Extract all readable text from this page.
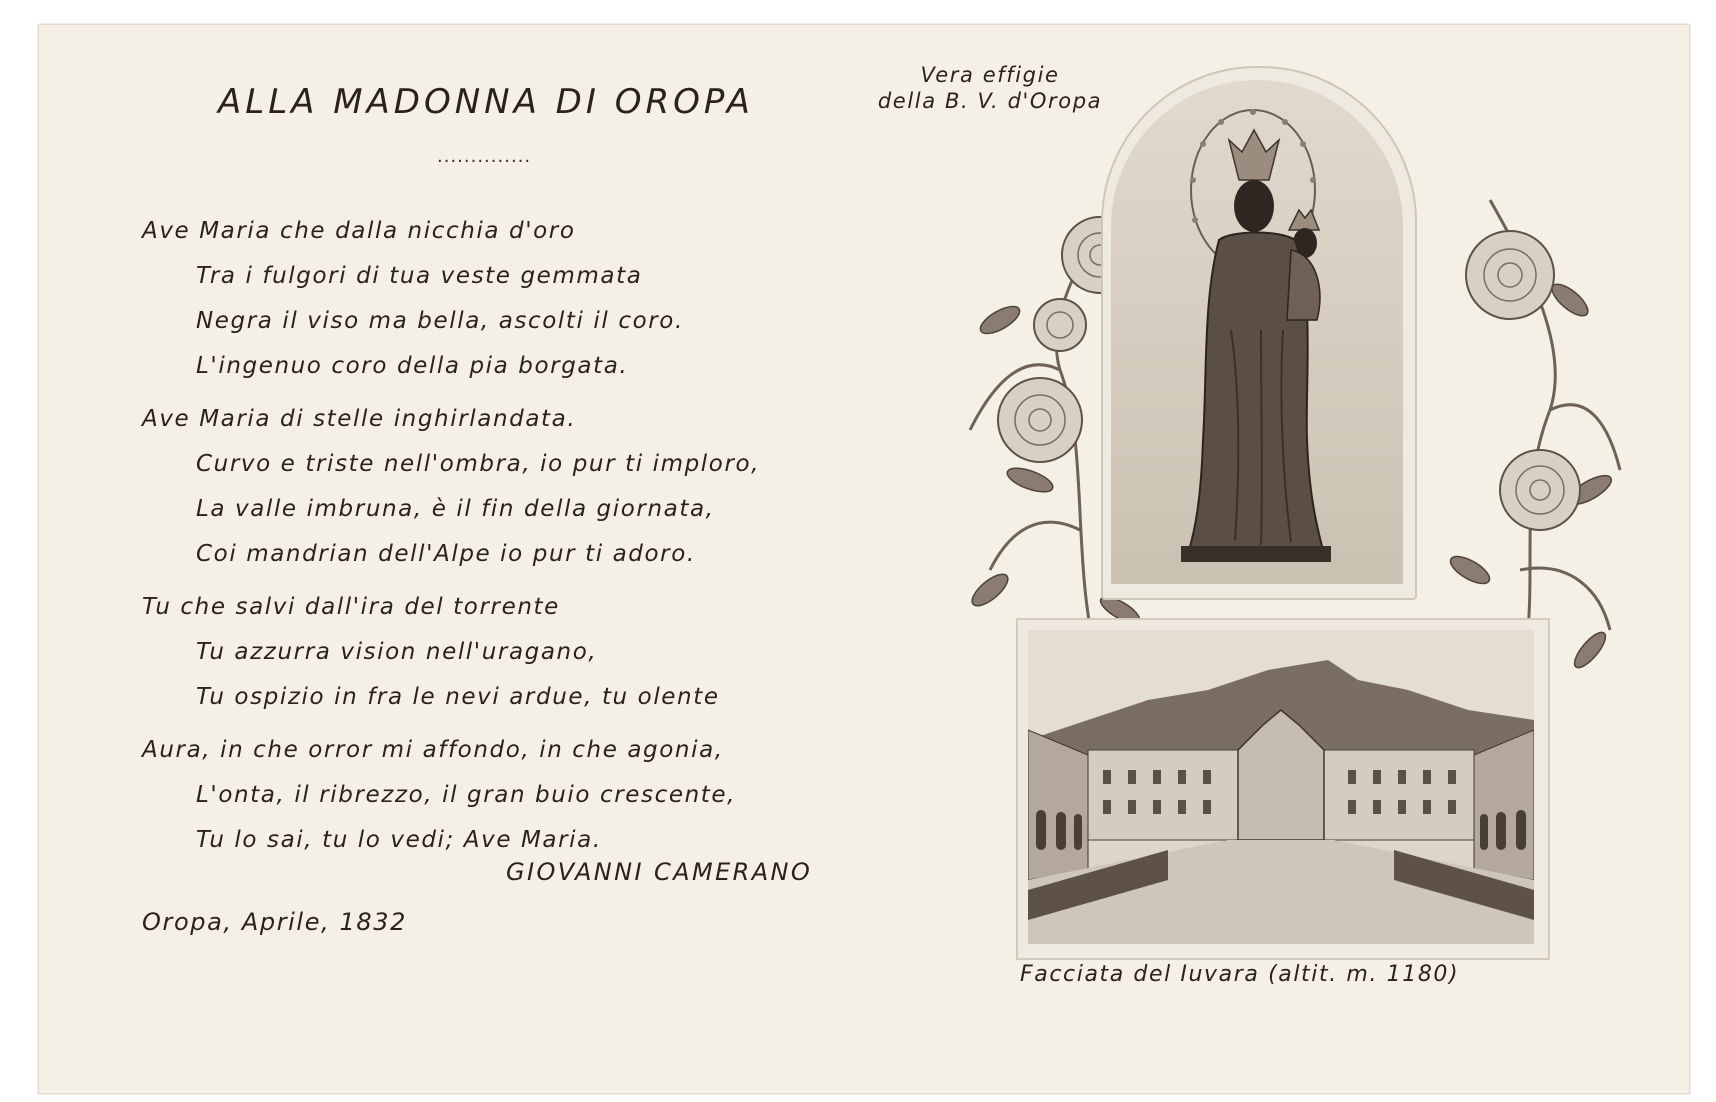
ALLA MADONNA DI OROPA
..............
Ave Maria che dalla nicchia d'oro
Tra i fulgori di tua veste gemmata
Negra il viso ma bella, ascolti il coro.
L'ingenuo coro della pia borgata.
Ave Maria di stelle inghirlandata.
Curvo e triste nell'ombra, io pur ti imploro,
La valle imbruna, è il fin della giornata,
Coi mandrian dell'Alpe io pur ti adoro.
Tu che salvi dall'ira del torrente
Tu azzurra vision nell'uragano,
Tu ospizio in fra le nevi ardue, tu olente
Aura, in che orror mi affondo, in che agonia,
L'onta, il ribrezzo, il gran buio crescente,
Tu lo sai, tu lo vedi; Ave Maria.
GIOVANNI CAMERANO
Oropa, Aprile, 1832
Vera effigie
della B. V. d'Oropa
Facciata del Iuvara (altit. m. 1180)
